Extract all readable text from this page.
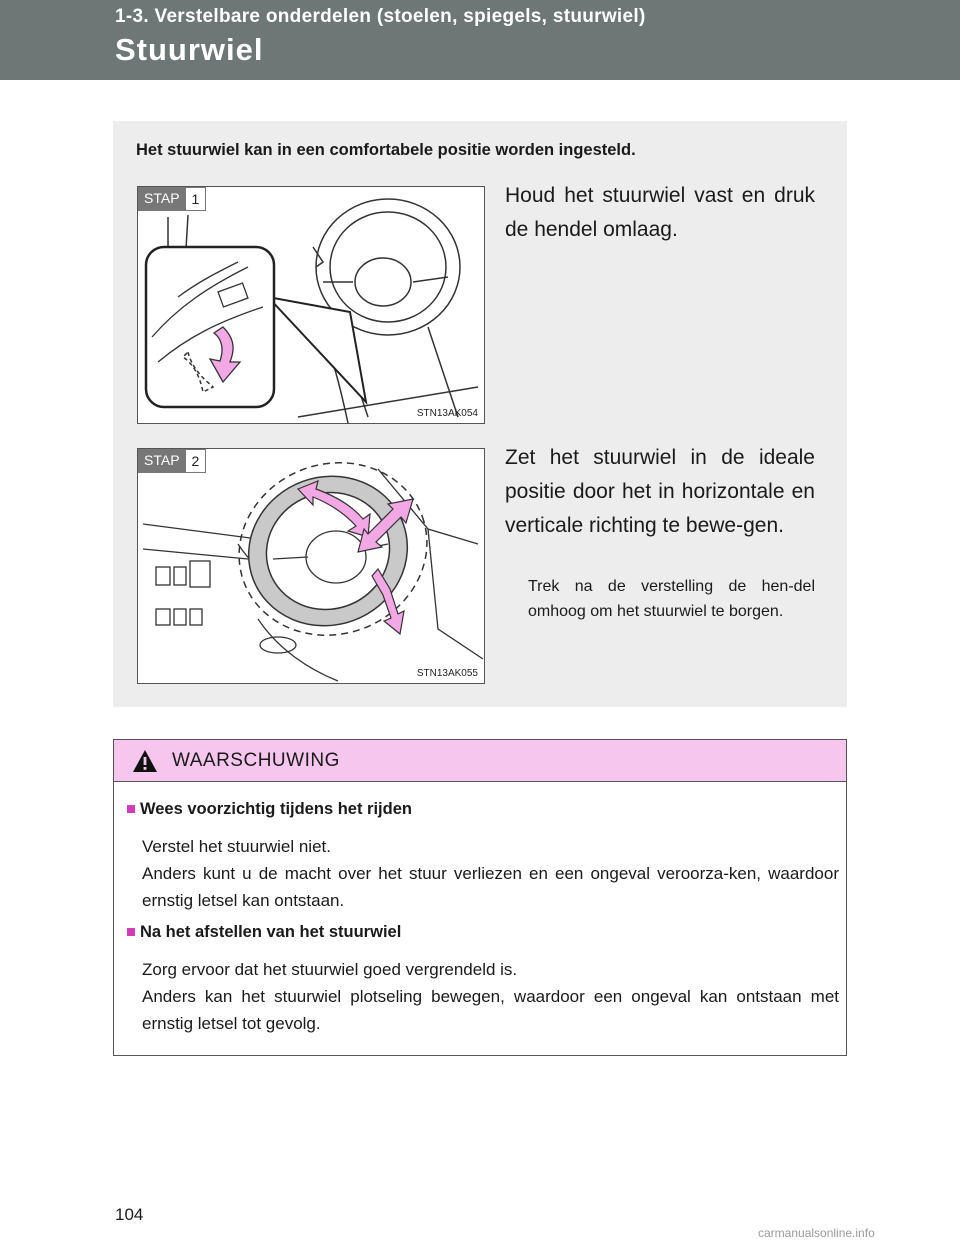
1-3. Verstelbare onderdelen (stoelen, spiegels, stuurwiel)
Stuurwiel
Het stuurwiel kan in een comfortabele positie worden ingesteld.
STAP 1
STN13AK054
Houd het stuurwiel vast en druk de hendel omlaag.
STAP 2
STN13AK055
Zet het stuurwiel in de ideale positie door het in horizontale en verticale richting te bewe-gen.
Trek na de verstelling de hen-del omhoog om het stuurwiel te borgen.
WAARSCHUWING
■ Wees voorzichtig tijdens het rijden

Verstel het stuurwiel niet.

Anders kunt u de macht over het stuur verliezen en een ongeval veroorza-ken, waardoor ernstig letsel kan ontstaan.

■ Na het afstellen van het stuurwiel

Zorg ervoor dat het stuurwiel goed vergrendeld is.

Anders kan het stuurwiel plotseling bewegen, waardoor een ongeval kan ontstaan met ernstig letsel tot gevolg.

104
carmanualsonline.info
